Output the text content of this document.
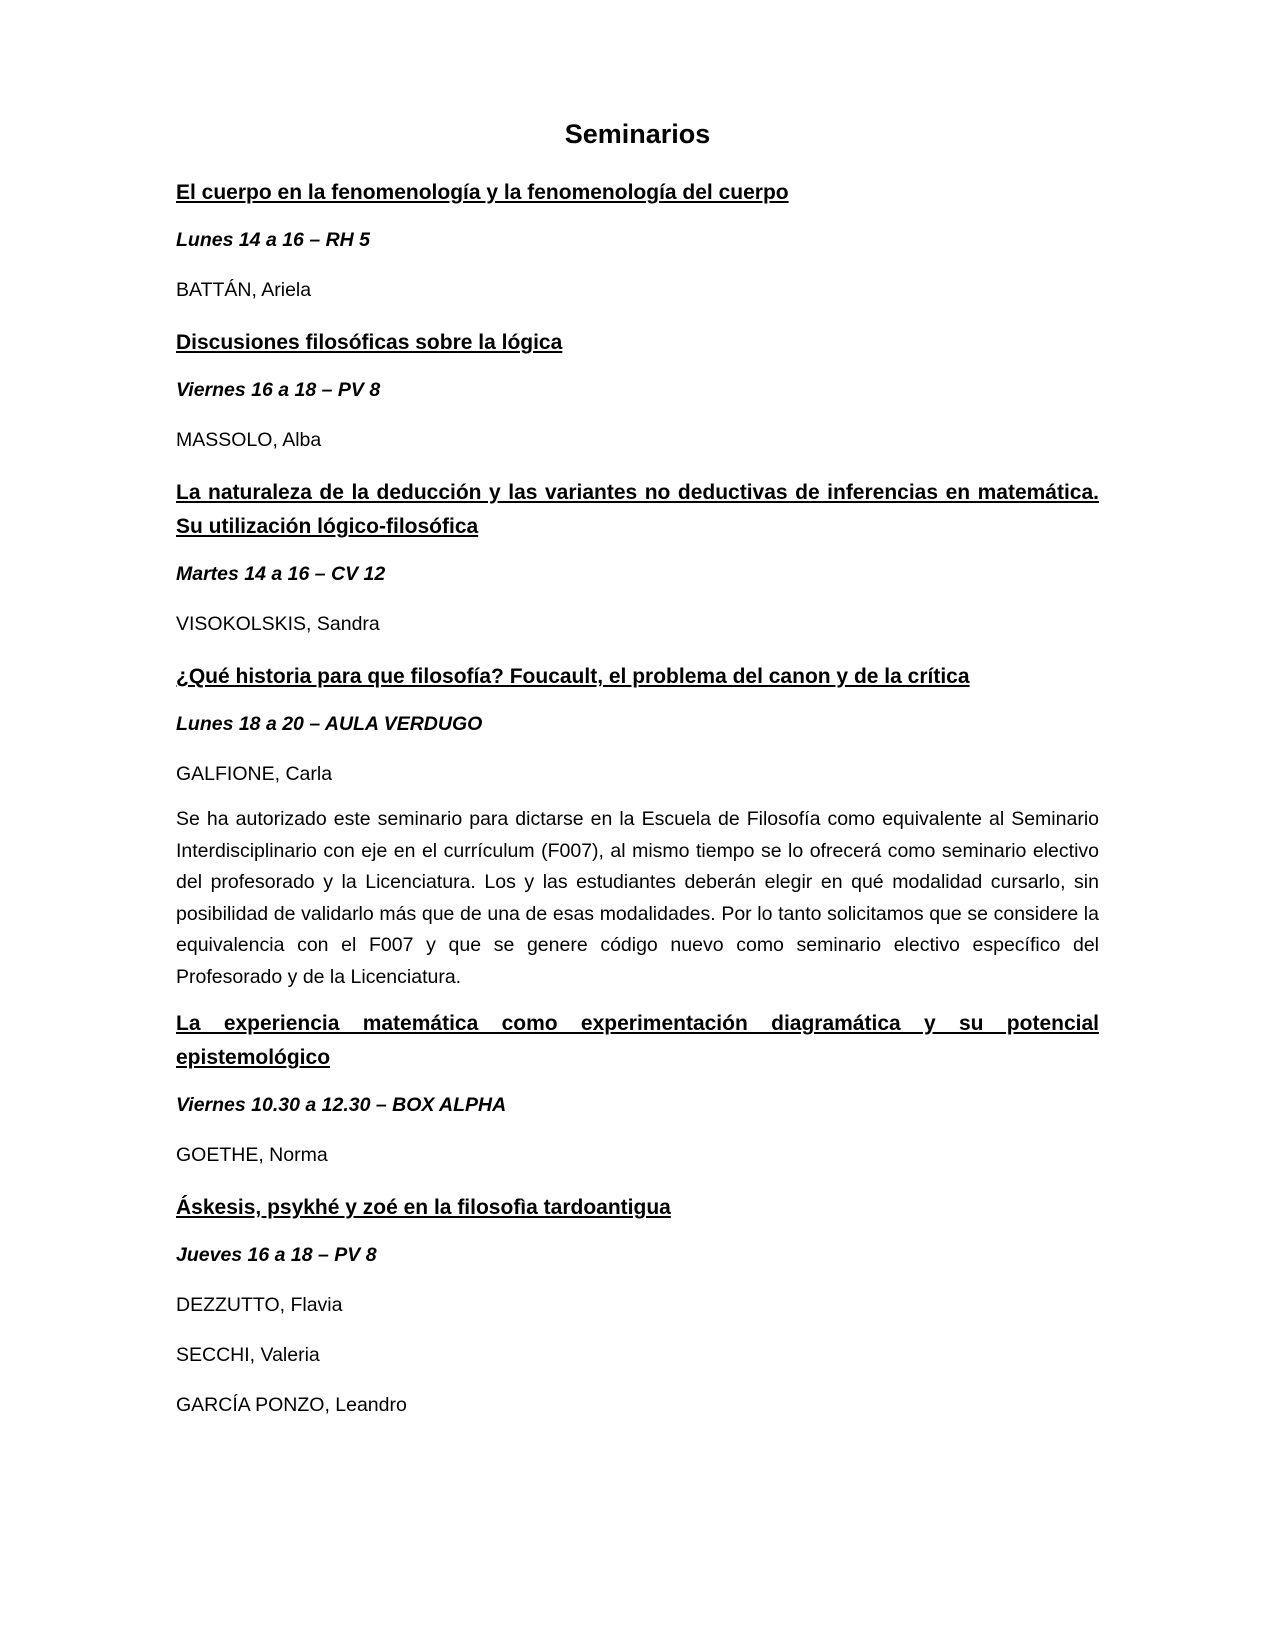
Seminarios
El cuerpo en la fenomenología y la fenomenología del cuerpo
Lunes 14 a 16 – RH 5
BATTÁN, Ariela
Discusiones filosóficas sobre la lógica
Viernes 16 a 18 – PV 8
MASSOLO, Alba
La naturaleza de la deducción y las variantes no deductivas de inferencias en matemática. Su utilización lógico-filosófica
Martes 14 a 16 – CV 12
VISOKOLSKIS, Sandra
¿Qué historia para que filosofía? Foucault, el problema del canon y de la crítica
Lunes 18 a 20 – AULA VERDUGO
GALFIONE, Carla

Se ha autorizado este seminario para dictarse en la Escuela de Filosofía como equivalente al Seminario Interdisciplinario con eje en el currículum (F007), al mismo tiempo se lo ofrecerá como seminario electivo del profesorado y la Licenciatura. Los y las estudiantes deberán elegir en qué modalidad cursarlo, sin posibilidad de validarlo más que de una de esas modalidades. Por lo tanto solicitamos que se considere la equivalencia con el F007 y que se genere código nuevo como seminario electivo específico del Profesorado y de la Licenciatura.

La experiencia matemática como experimentación diagramática y su potencial epistemológico
Viernes 10.30 a 12.30 – BOX ALPHA
GOETHE, Norma
Áskesis, psykhé y zoé en la filosofìa tardoantigua
Jueves 16 a 18 – PV 8
DEZZUTTO, Flavia
SECCHI, Valeria
GARCÍA PONZO, Leandro
